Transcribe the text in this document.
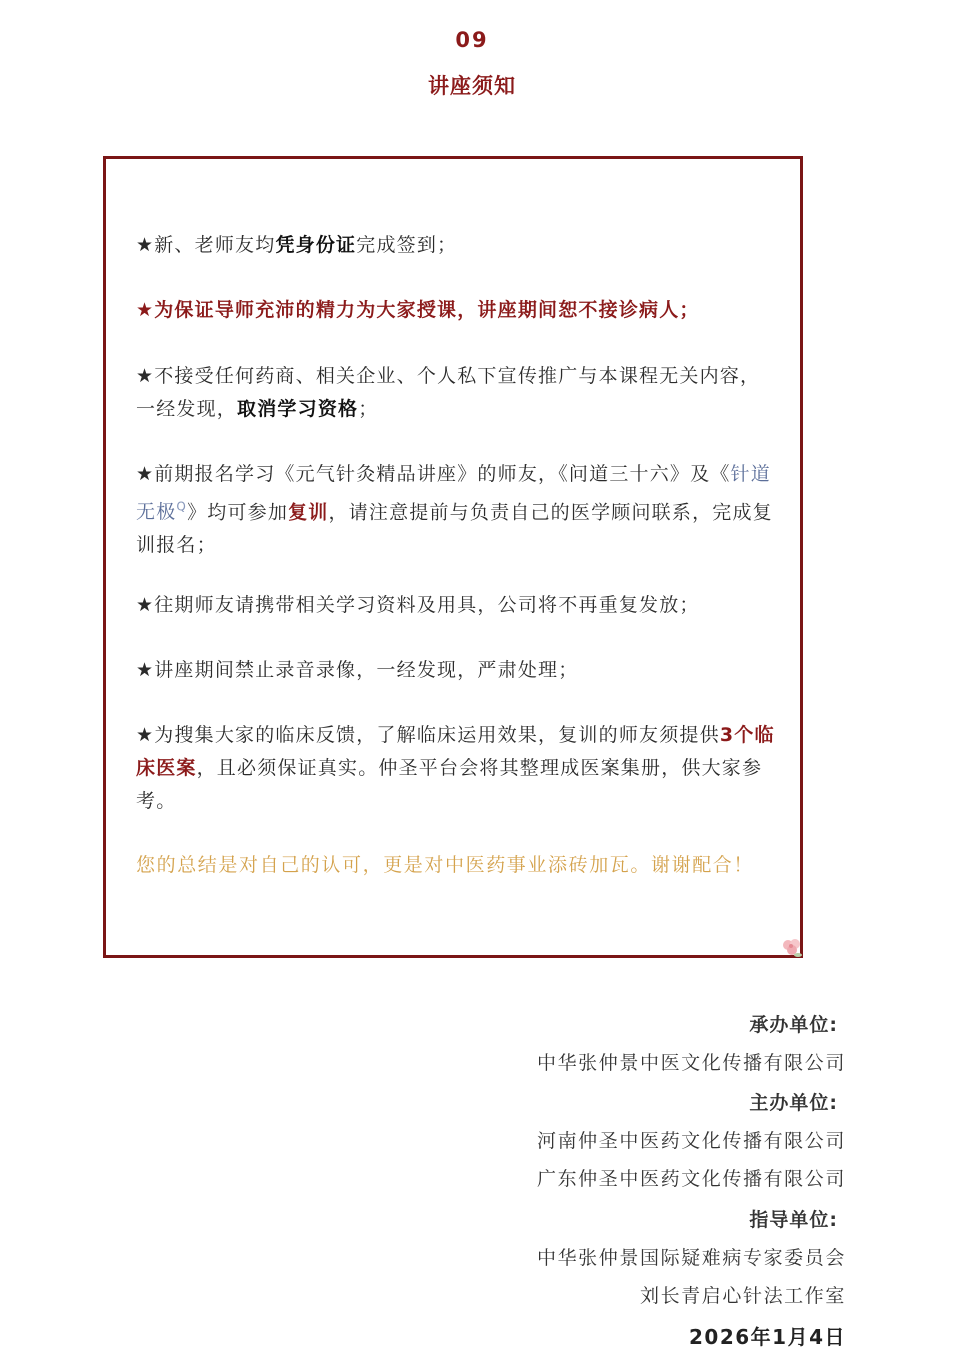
09
讲座须知

★新、老师友均凭身份证完成签到；

★为保证导师充沛的精力为大家授课，讲座期间恕不接诊病人；

★不接受任何药商、相关企业、个人私下宣传推广与本课程无关内容，一经发现，取消学习资格；

★前期报名学习《元气针灸精品讲座》的师友，《问道三十六》及《针道无极$^Q$》均可参加复训，请注意提前与负责自己的医学顾问联系，完成复训报名；

★往期师友请携带相关学习资料及用具，公司将不再重复发放；

★讲座期间禁止录音录像，一经发现，严肃处理；

★为搜集大家的临床反馈，了解临床运用效果，复训的师友须提供3个临床医案，且必须保证真实。仲圣平台会将其整理成医案集册，供大家参考。

您的总结是对自己的认可，更是对中医药事业添砖加瓦。谢谢配合！

承办单位:

中华张仲景中医文化传播有限公司

主办单位:

河南仲圣中医药文化传播有限公司

广东仲圣中医药文化传播有限公司

指导单位:

中华张仲景国际疑难病专家委员会

刘长青启心针法工作室

2026年1月4日
